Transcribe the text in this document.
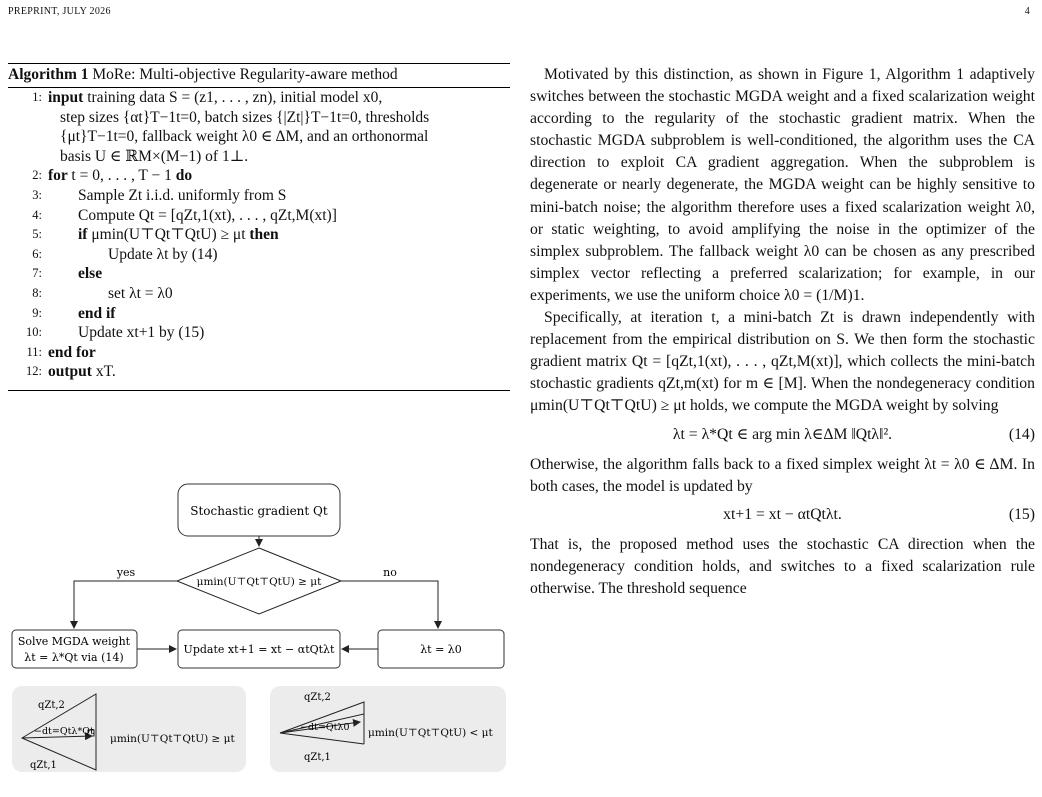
PREPRINT, JULY 2026	4
Algorithm 1 MoRe: Multi-objective Regularity-aware method
1: input training data S = (z1, . . . , zn), initial model x0,
step sizes {αt}T−1t=0, batch sizes {|Zt|}T−1t=0, thresholds
{μt}T−1t=0, fallback weight λ0 ∈ ΔM, and an orthonormal
basis U ∈ ℝM×(M−1) of 1⊥.
2: for t = 0, . . . , T − 1 do
3:	Sample Zt i.i.d. uniformly from S
4:	Compute Qt = [qZt,1(xt), . . . , qZt,M(xt)]
5:	if μmin(U⊤Qt⊤QtU) ≥ μt then
6:	Update λt by (14)
7:	else
8:	set λt = λ0
9:	end if
10:	Update xt+1 by (15)
11: end for
12: output xT.
Stochastic gradient Qt
μmin(U⊤Qt⊤QtU) ≥ μt
yes	no
Solve MGDA weight
λt = λ*Qt via (14)
Update xt+1 = xt − αtQtλt	λt = λ0
qZt,2
qZt,1
−dt=Qtλ*Qt
μmin(U⊤Qt⊤QtU) ≥ μt
qZt,2
qZt,1
−dt=Qtλ0 μmin(U⊤Qt⊤QtU) < μt

Motivated by this distinction, as shown in Figure 1, Algorithm 1 adaptively switches between the stochastic MGDA weight and a fixed scalarization weight according to the regularity of the stochastic gradient matrix. When the stochastic MGDA subproblem is well-conditioned, the algorithm uses the CA direction to exploit CA gradient aggregation. When the subproblem is degenerate or nearly degenerate, the MGDA weight can be highly sensitive to mini-batch noise; the algorithm therefore uses a fixed scalarization weight λ0, or static weighting, to avoid amplifying the noise in the optimizer of the simplex subproblem. The fallback weight λ0 can be chosen as any prescribed simplex vector reflecting a preferred scalarization; for example, in our experiments, we use the uniform choice λ0 = (1/M)1.

Specifically, at iteration t, a mini-batch Zt is drawn independently with replacement from the empirical distribution on S. We then form the stochastic gradient matrix Qt = [qZt,1(xt), . . . , qZt,M(xt)], which collects the mini-batch stochastic gradients qZt,m(xt) for m ∈ [M]. When the nondegeneracy condition μmin(U⊤Qt⊤QtU) ≥ μt holds, we compute the MGDA weight by solving

λt = λ*Qt ∈ arg min λ∈ΔM ‖Qtλ‖².	(14)

Otherwise, the algorithm falls back to a fixed simplex weight λt = λ0 ∈ ΔM. In both cases, the model is updated by

xt+1 = xt − αtQtλt.	(15)

That is, the proposed method uses the stochastic CA direction when the nondegeneracy condition holds, and switches to a fixed scalarization rule otherwise. The threshold sequence
